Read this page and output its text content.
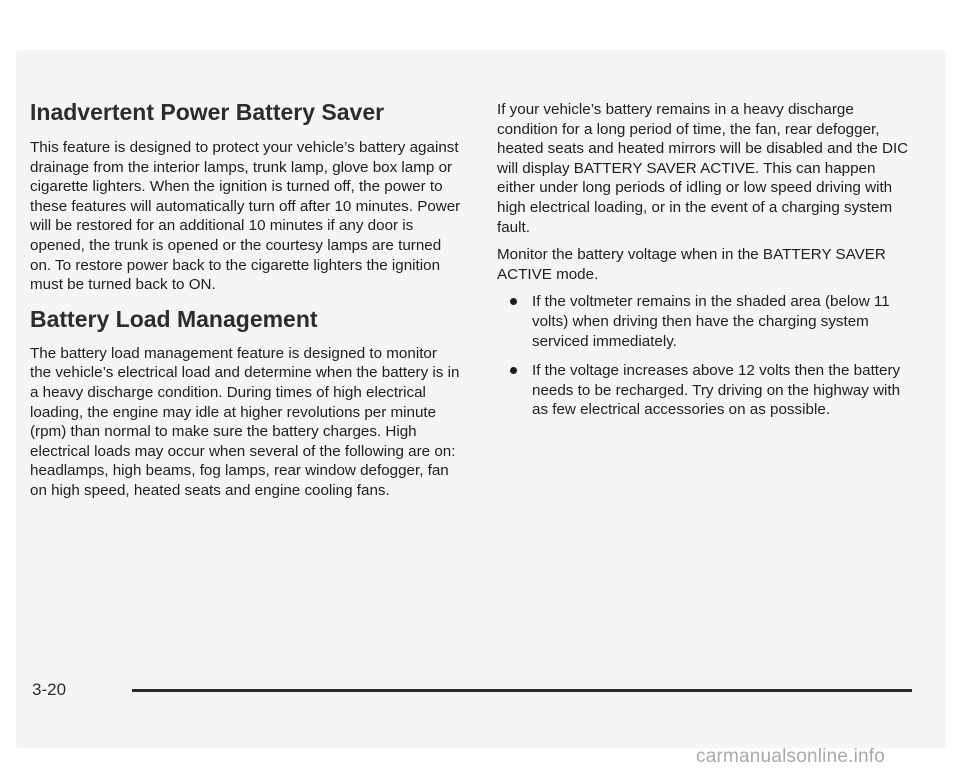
Inadvertent Power Battery Saver

This feature is designed to protect your vehicle’s battery against drainage from the interior lamps, trunk lamp, glove box lamp or cigarette lighters. When the ignition is turned off, the power to these features will automatically turn off after 10 minutes. Power will be restored for an additional 10 minutes if any door is opened, the trunk is opened or the courtesy lamps are turned on. To restore power back to the cigarette lighters the ignition must be turned back to ON.

Battery Load Management

The battery load management feature is designed to monitor the vehicle’s electrical load and determine when the battery is in a heavy discharge condition. During times of high electrical loading, the engine may idle at higher revolutions per minute (rpm) than normal to make sure the battery charges. High electrical loads may occur when several of the following are on: headlamps, high beams, fog lamps, rear window defogger, fan on high speed, heated seats and engine cooling fans.

If your vehicle’s battery remains in a heavy discharge condition for a long period of time, the fan, rear defogger, heated seats and heated mirrors will be disabled and the DIC will display BATTERY SAVER ACTIVE. This can happen either under long periods of idling or low speed driving with high electrical loading, or in the event of a charging system fault.

Monitor the battery voltage when in the BATTERY SAVER ACTIVE mode.

If the voltmeter remains in the shaded area (below 11 volts) when driving then have the charging system serviced immediately.
If the voltage increases above 12 volts then the battery needs to be recharged. Try driving on the highway with as few electrical accessories on as possible.
3-20
carmanualsonline.info
